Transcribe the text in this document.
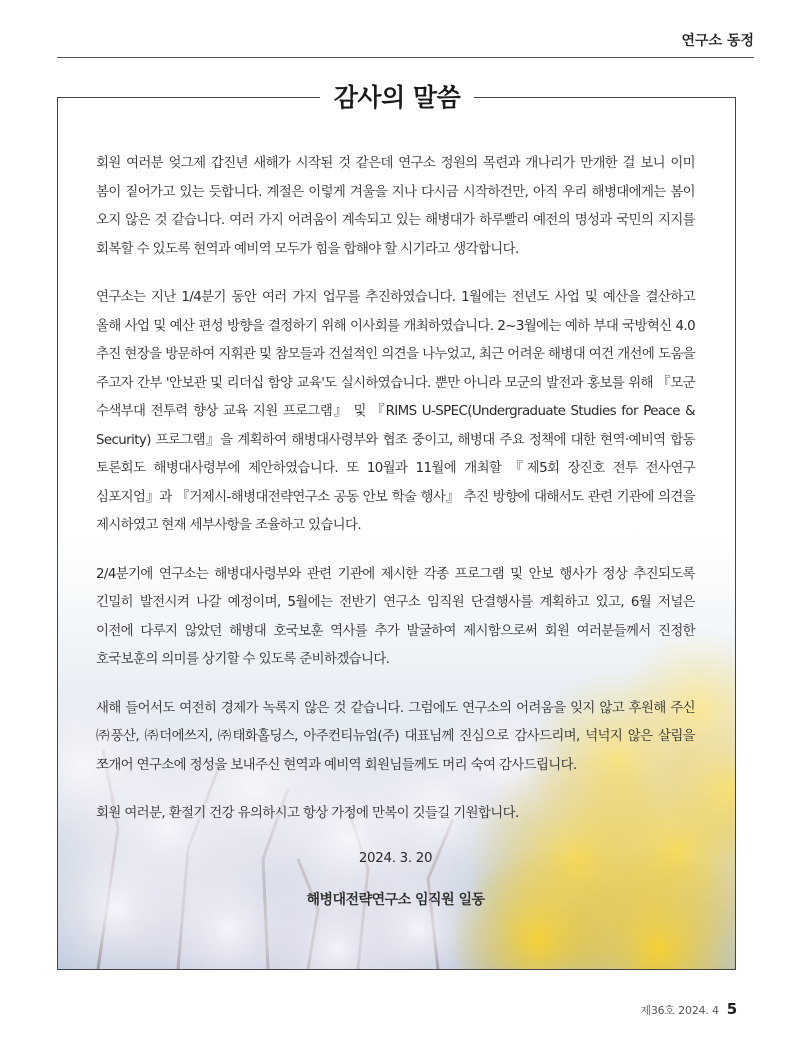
연구소 동정
감사의 말씀

회원 여러분 엊그제 갑진년 새해가 시작된 것 같은데 연구소 정원의 목련과 개나리가 만개한 걸 보니 이미 봄이 짙어가고 있는 듯합니다. 계절은 이렇게 겨울을 지나 다시금 시작하건만, 아직 우리 해병대에게는 봄이 오지 않은 것 같습니다. 여러 가지 어려움이 계속되고 있는 해병대가 하루빨리 예전의 명성과 국민의 지지를 회복할 수 있도록 현역과 예비역 모두가 힘을 합해야 할 시기라고 생각합니다.

연구소는 지난 1/4분기 동안 여러 가지 업무를 추진하였습니다. 1월에는 전년도 사업 및 예산을 결산하고 올해 사업 및 예산 편성 방향을 결정하기 위해 이사회를 개최하였습니다. 2~3월에는 예하 부대 국방혁신 4.0 추진 현장을 방문하여 지휘관 및 참모들과 건설적인 의견을 나누었고, 최근 어려운 해병대 여건 개선에 도움을 주고자 간부 '안보관 및 리더십 함양 교육'도 실시하였습니다. 뿐만 아니라 모군의 발전과 홍보를 위해 『모군 수색부대 전투력 향상 교육 지원 프로그램』 및 『RIMS U-SPEC(Undergraduate Studies for Peace & Security) 프로그램』을 계획하여 해병대사령부와 협조 중이고, 해병대 주요 정책에 대한 현역·예비역 합동 토론회도 해병대사령부에 제안하였습니다. 또 10월과 11월에 개최할 『제5회 장진호 전투 전사연구 심포지엄』과 『거제시-해병대전략연구소 공동 안보 학술 행사』 추진 방향에 대해서도 관련 기관에 의견을 제시하였고 현재 세부사항을 조율하고 있습니다.

2/4분기에 연구소는 해병대사령부와 관련 기관에 제시한 각종 프로그램 및 안보 행사가 정상 추진되도록 긴밀히 발전시켜 나갈 예정이며, 5월에는 전반기 연구소 임직원 단결행사를 계획하고 있고, 6월 저널은 이전에 다루지 않았던 해병대 호국보훈 역사를 추가 발굴하여 제시함으로써 회원 여러분들께서 진정한 호국보훈의 의미를 상기할 수 있도록 준비하겠습니다.

새해 들어서도 여전히 경제가 녹록지 않은 것 같습니다. 그럼에도 연구소의 어려움을 잊지 않고 후원해 주신 ㈜풍산, ㈜더에쓰지, ㈜태화홀딩스, 아주컨티뉴엄(주) 대표님께 진심으로 감사드리며, 넉넉지 않은 살림을 쪼개어 연구소에 정성을 보내주신 현역과 예비역 회원님들께도 머리 숙여 감사드립니다.

회원 여러분, 환절기 건강 유의하시고 항상 가정에 만복이 깃들길 기원합니다.

2024. 3. 20
해병대전략연구소 임직원 일동
제36호 2024. 4 5
